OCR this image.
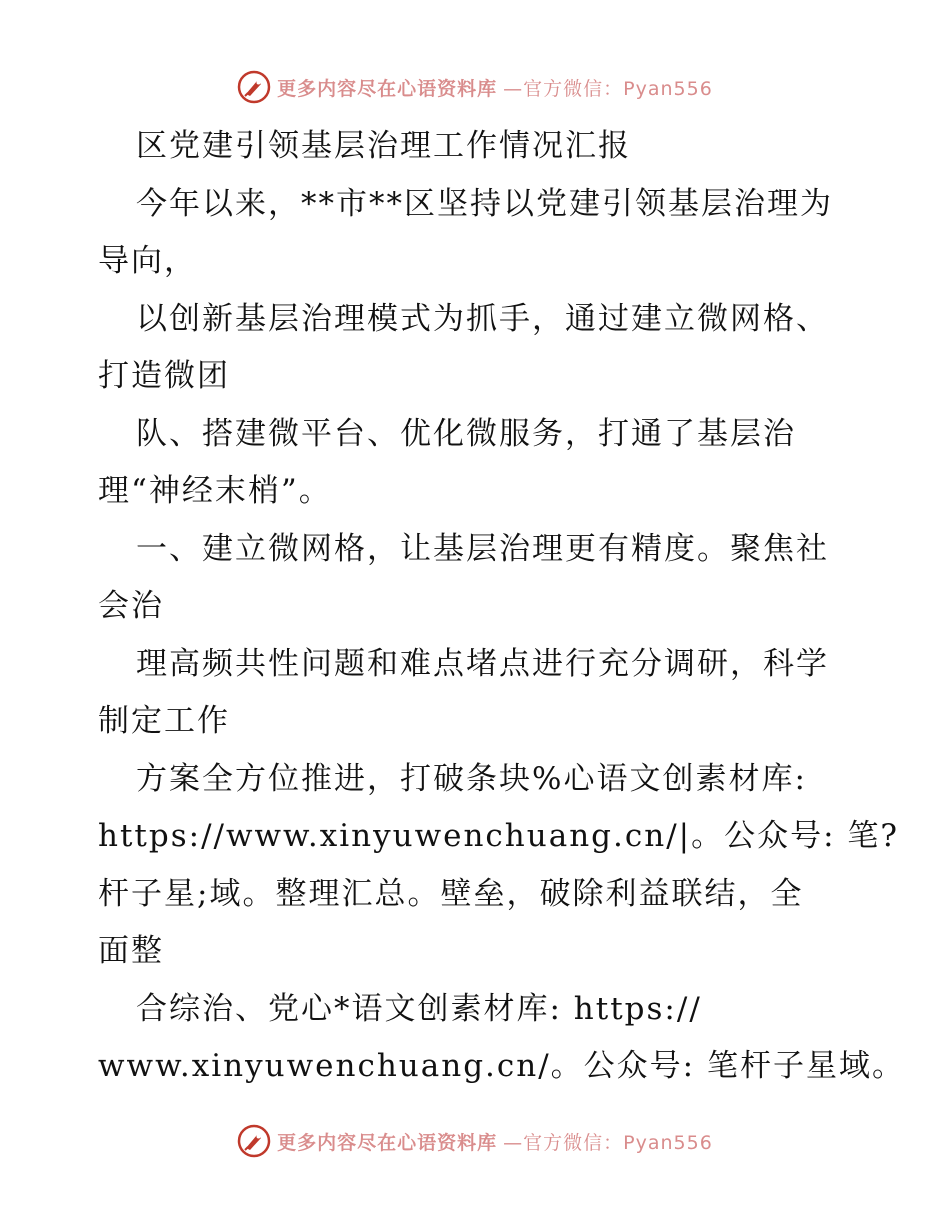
更多内容尽在心语资料库 —官方微信：Pyan556
区党建引领基层治理工作情况汇报
今年以来，**市**区坚持以党建引领基层治理为
导向，
以创新基层治理模式为抓手，通过建立微网格、
打造微团
队、搭建微平台、优化微服务，打通了基层治
理“神经末梢”。
一、建立微网格，让基层治理更有精度。聚焦社
会治
理高频共性问题和难点堵点进行充分调研，科学
制定工作
方案全方位推进，打破条块%心语文创素材库:
https://www.xinyuwenchuang.cn/|。公众号: 笔?
杆子星;域。整理汇总。壁垒，破除利益联结，全
面整
合综治、党心*语文创素材库: https://
www.xinyuwenchuang.cn/。公众号: 笔杆子星域。
更多内容尽在心语资料库 —官方微信：Pyan556
